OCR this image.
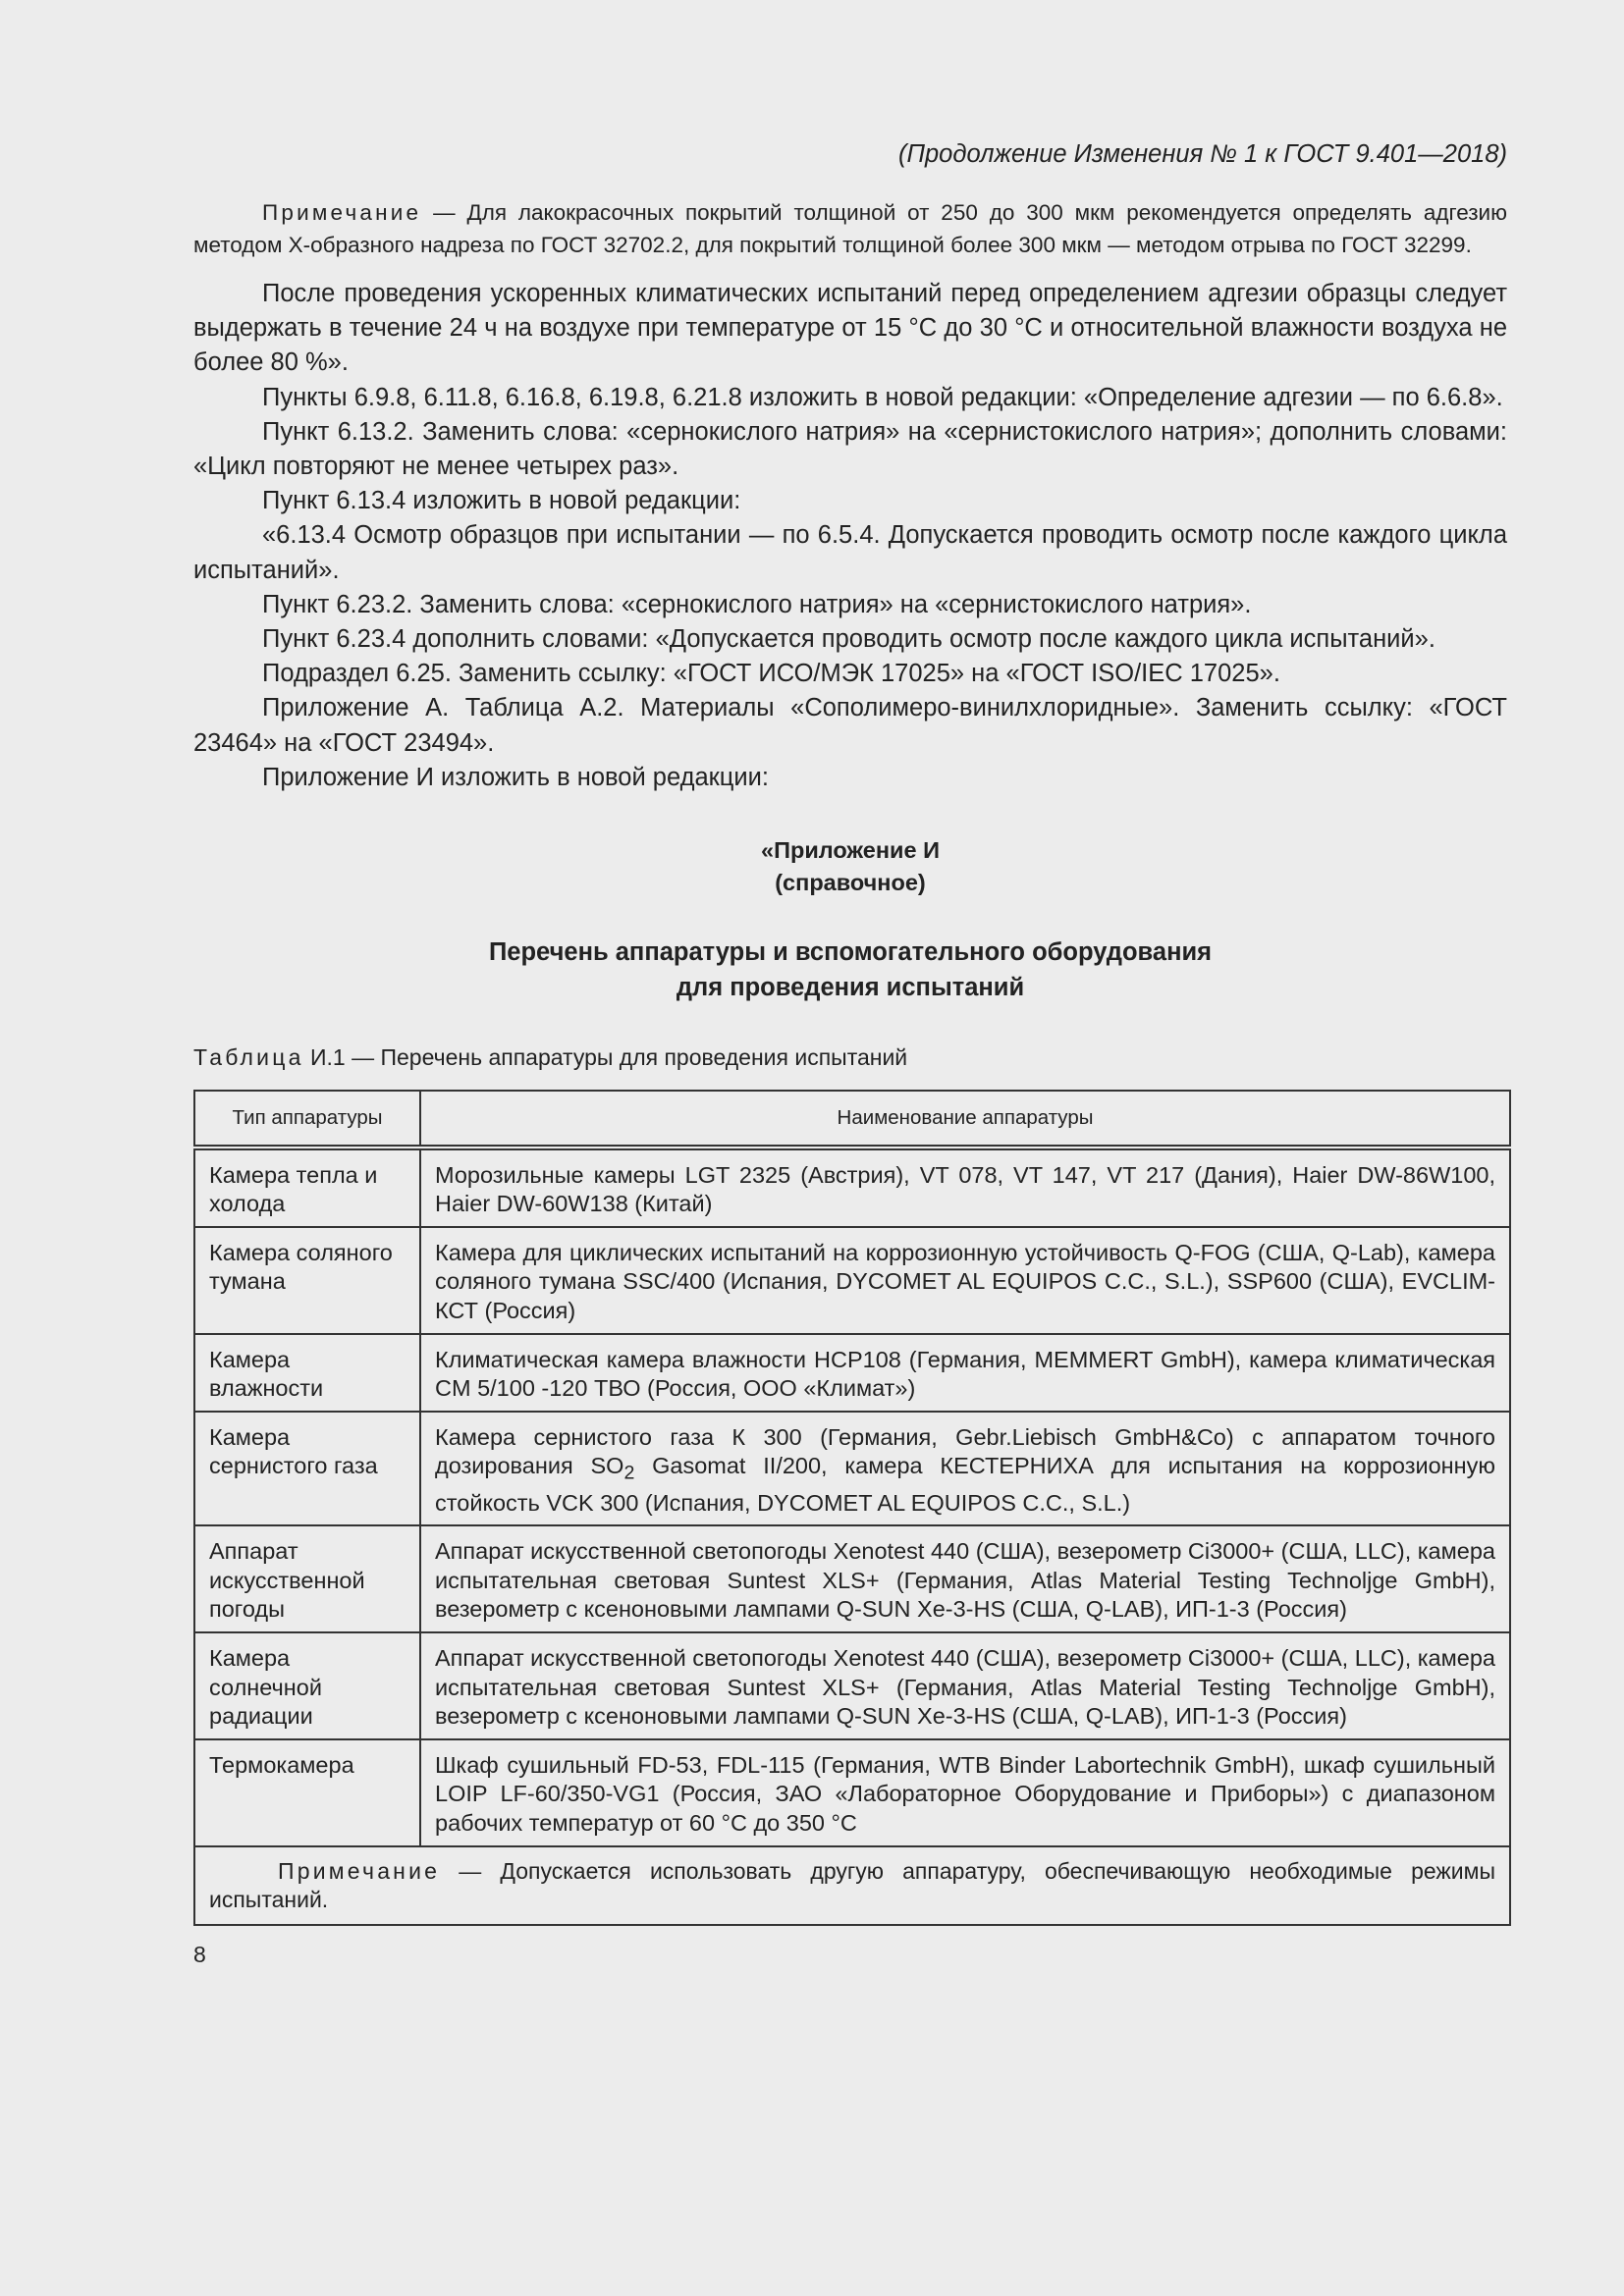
(Продолжение Изменения № 1 к ГОСТ 9.401—2018)
Примечание — Для лакокрасочных покрытий толщиной от 250 до 300 мкм рекомендуется определять адгезию методом Х-образного надреза по ГОСТ 32702.2, для покрытий толщиной более 300 мкм — методом отрыва по ГОСТ 32299.

После проведения ускоренных климатических испытаний перед определением адгезии образцы следует выдержать в течение 24 ч на воздухе при температуре от 15 °С до 30 °С и относительной влажности воздуха не более 80 %».

Пункты 6.9.8, 6.11.8, 6.16.8, 6.19.8, 6.21.8 изложить в новой редакции: «Определение адгезии — по 6.6.8».

Пункт 6.13.2. Заменить слова: «сернокислого натрия» на «сернистокислого натрия»; дополнить словами: «Цикл повторяют не менее четырех раз».

Пункт 6.13.4 изложить в новой редакции:

«6.13.4 Осмотр образцов при испытании — по 6.5.4. Допускается проводить осмотр после каждого цикла испытаний».

Пункт 6.23.2. Заменить слова: «сернокислого натрия» на «сернистокислого натрия».

Пункт 6.23.4 дополнить словами: «Допускается проводить осмотр после каждого цикла испытаний».

Подраздел 6.25. Заменить ссылку: «ГОСТ ИСО/МЭК 17025» на «ГОСТ ISO/IEC 17025».

Приложение А. Таблица А.2. Материалы «Сополимеро-винилхлоридные». Заменить ссылку: «ГОСТ 23464» на «ГОСТ 23494».

Приложение И изложить в новой редакции:

«Приложение И
(справочное)
Перечень аппаратуры и вспомогательного оборудования
для проведения испытаний
Таблица И.1 — Перечень аппаратуры для проведения испытаний
Тип аппаратуры	Наименование аппаратуры
Камера тепла и холода	Морозильные камеры LGT 2325 (Австрия), VT 078, VT 147, VT 217 (Дания), Haier DW-86W100, Haier DW-60W138 (Китай)
Камера соляного тумана	Камера для циклических испытаний на коррозионную устойчивость Q-FOG (США, Q-Lab), камера соляного тумана SSC/400 (Испания, DYCOMET AL EQUIPOS C.C., S.L.), SSP600 (США), EVCLIM-КСТ (Россия)
Камера влажности	Климатическая камера влажности HCP108 (Германия, MEMMERT GmbH), камера климатическая CM 5/100 -120 ТВО (Россия, ООО «Климат»)
Камера сернистого газа	Камера сернистого газа К 300 (Германия, Gebr.Liebisch GmbH&Co) с аппаратом точного дозирования $SO_2$ Gasomat II/200, камера КЕСТЕРНИХА для испытания на коррозионную стойкость VCK 300 (Испания, DYCOMET AL EQUIPOS C.C., S.L.)
Аппарат искусственной погоды	Аппарат искусственной светопогоды Xenotest 440 (США), везерометр Ci3000+ (США, LLC), камера испытательная световая Suntest XLS+ (Германия, Atlas Material Testing Technoljge GmbH), везерометр с ксеноновыми лампами Q-SUN Xe-3-HS (США, Q-LAB), ИП-1-3 (Россия)
Камера солнечной радиации	Аппарат искусственной светопогоды Xenotest 440 (США), везерометр Ci3000+ (США, LLC), камера испытательная световая Suntest XLS+ (Германия, Atlas Material Testing Technoljge GmbH), везерометр с ксеноновыми лампами Q-SUN Xe-3-HS (США, Q-LAB), ИП-1-3 (Россия)
Термокамера	Шкаф сушильный FD-53, FDL-115 (Германия, WTB Binder Labortechnik GmbH), шкаф сушильный LOIP LF-60/350-VG1 (Россия, ЗАО «Лабораторное Оборудование и Приборы») с диапазоном рабочих температур от 60 °С до 350 °С

Примечание — Допускается использовать другую аппаратуру, обеспечивающую необходимые режимы испытаний.	
8
